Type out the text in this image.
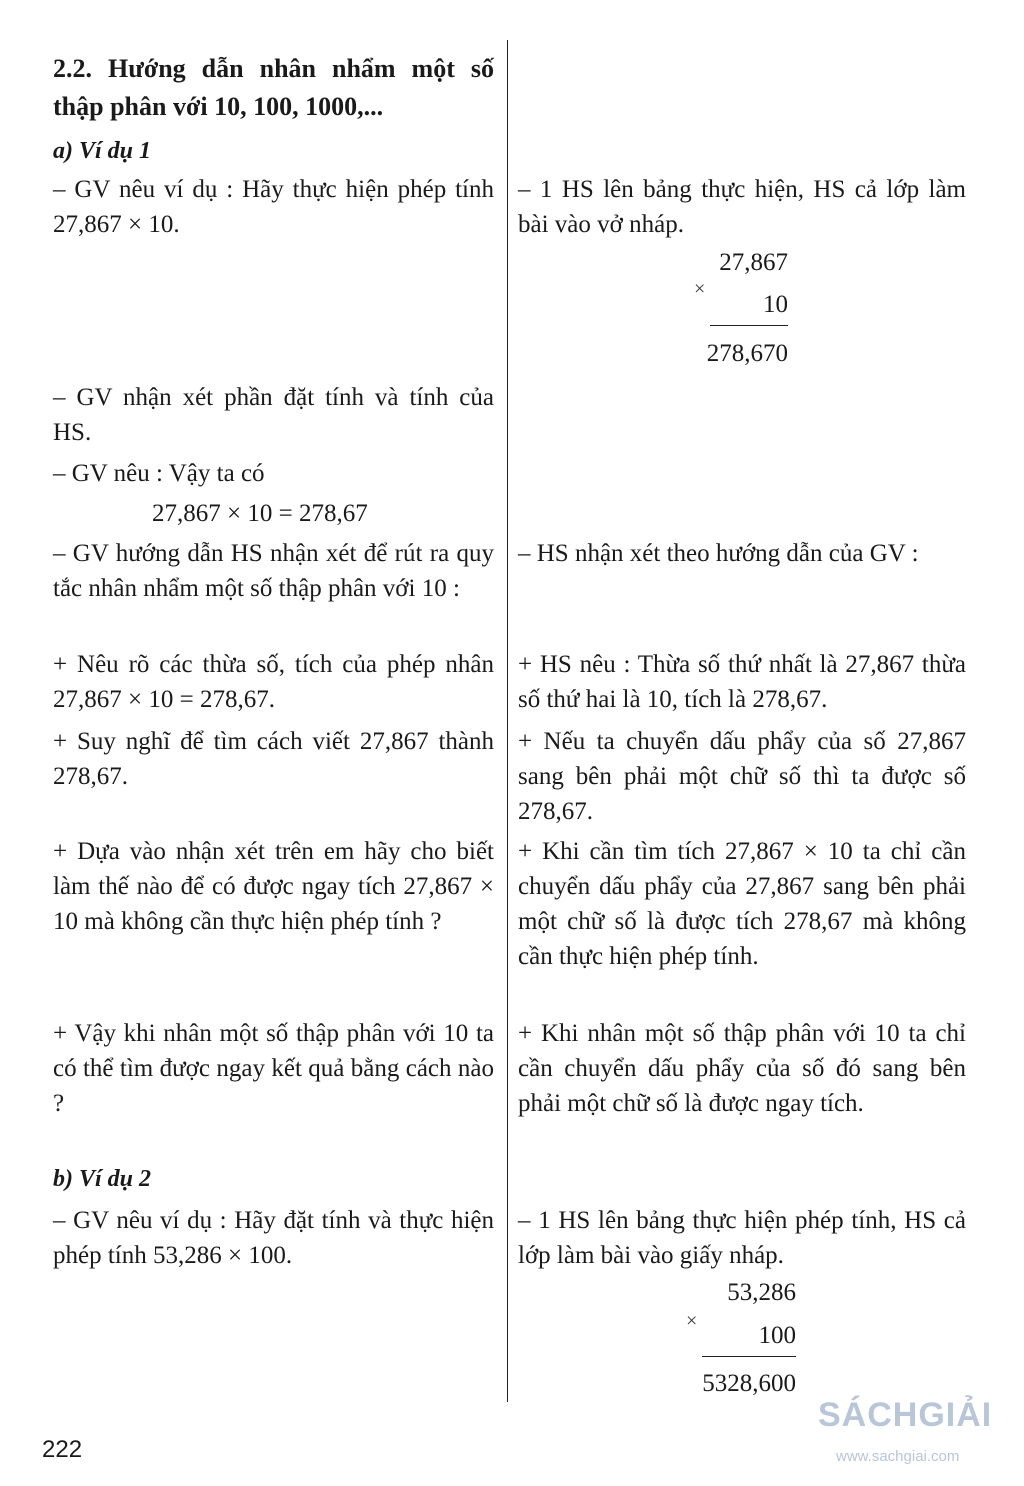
2.2. Hướng dẫn nhân nhẩm một số thập phân với 10, 100, 1000,...

a) Ví dụ 1

– GV nêu ví dụ : Hãy thực hiện phép tính 27,867 × 10.

– 1 HS lên bảng thực hiện, HS cả lớp làm bài vào vở nháp.

27,867
×
10
278,670

– GV nhận xét phần đặt tính và tính của HS.

– GV nêu : Vậy ta có

27,867 × 10 = 278,67

– GV hướng dẫn HS nhận xét để rút ra quy tắc nhân nhẩm một số thập phân với 10 :

– HS nhận xét theo hướng dẫn của GV :

+ Nêu rõ các thừa số, tích của phép nhân 27,867 × 10 = 278,67.

+ HS nêu : Thừa số thứ nhất là 27,867 thừa số thứ hai là 10, tích là 278,67.

+ Suy nghĩ để tìm cách viết 27,867 thành 278,67.

+ Nếu ta chuyển dấu phẩy của số 27,867 sang bên phải một chữ số thì ta được số 278,67.

+ Dựa vào nhận xét trên em hãy cho biết làm thế nào để có được ngay tích 27,867 × 10 mà không cần thực hiện phép tính ?

+ Khi cần tìm tích 27,867 × 10 ta chỉ cần chuyển dấu phẩy của 27,867 sang bên phải một chữ số là được tích 278,67 mà không cần thực hiện phép tính.

+ Vậy khi nhân một số thập phân với 10 ta có thể tìm được ngay kết quả bằng cách nào ?

+ Khi nhân một số thập phân với 10 ta chỉ cần chuyển dấu phẩy của số đó sang bên phải một chữ số là được ngay tích.

b) Ví dụ 2

– GV nêu ví dụ : Hãy đặt tính và thực hiện phép tính 53,286 × 100.

– 1 HS lên bảng thực hiện phép tính, HS cả lớp làm bài vào giấy nháp.

53,286
×
100
5328,600
222
SÁCHGIẢI
www.sachgiai.com
